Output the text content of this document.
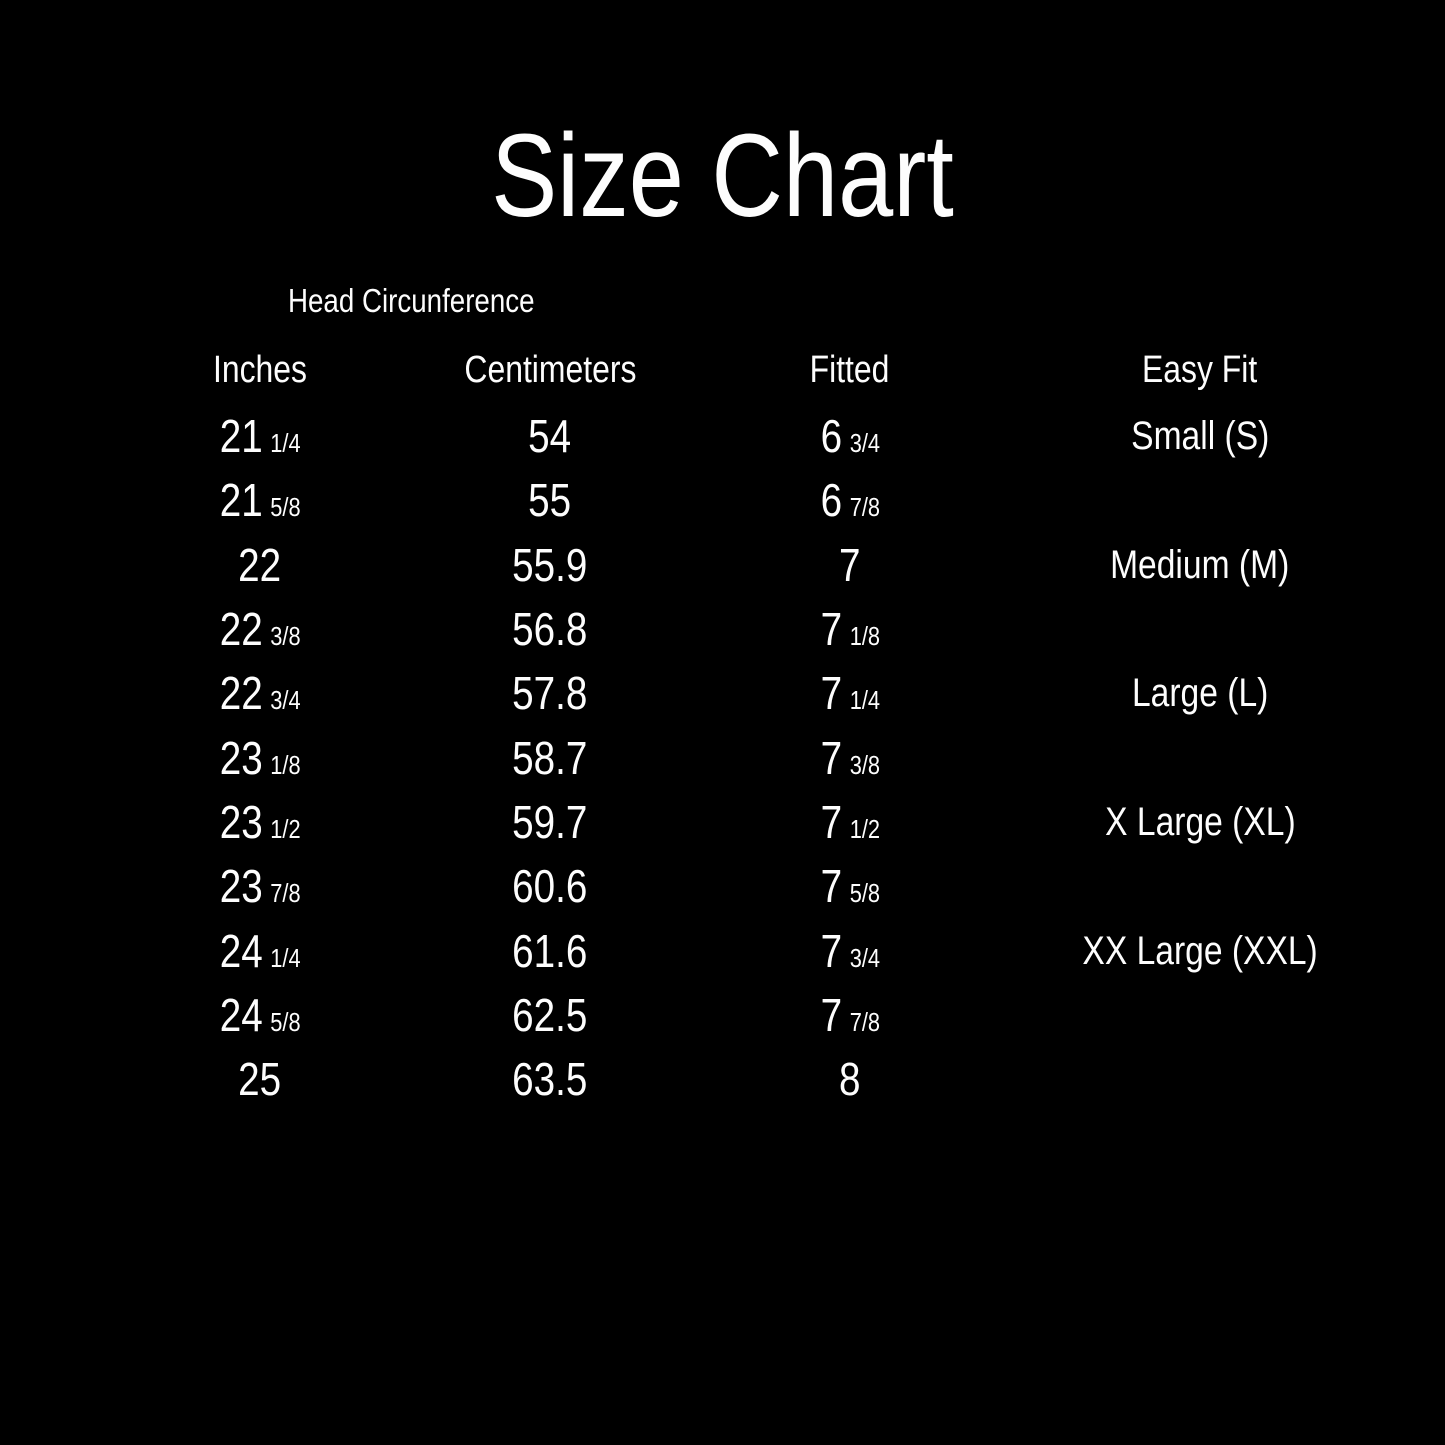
Size Chart
Head Circunference
Inches	Centimeters	Fitted	Easy Fit
21 1/4	54	6 3/4	Small (S)
21 5/8	55	6 7/8
22	55.9	7	Medium (M)
22 3/8	56.8	7 1/8
22 3/4	57.8	7 1/4	Large (L)
23 1/8	58.7	7 3/8
23 1/2	59.7	7 1/2	X Large (XL)
23 7/8	60.6	7 5/8
24 1/4	61.6	7 3/4	XX Large (XXL)
24 5/8	62.5	7 7/8
25	63.5	8
